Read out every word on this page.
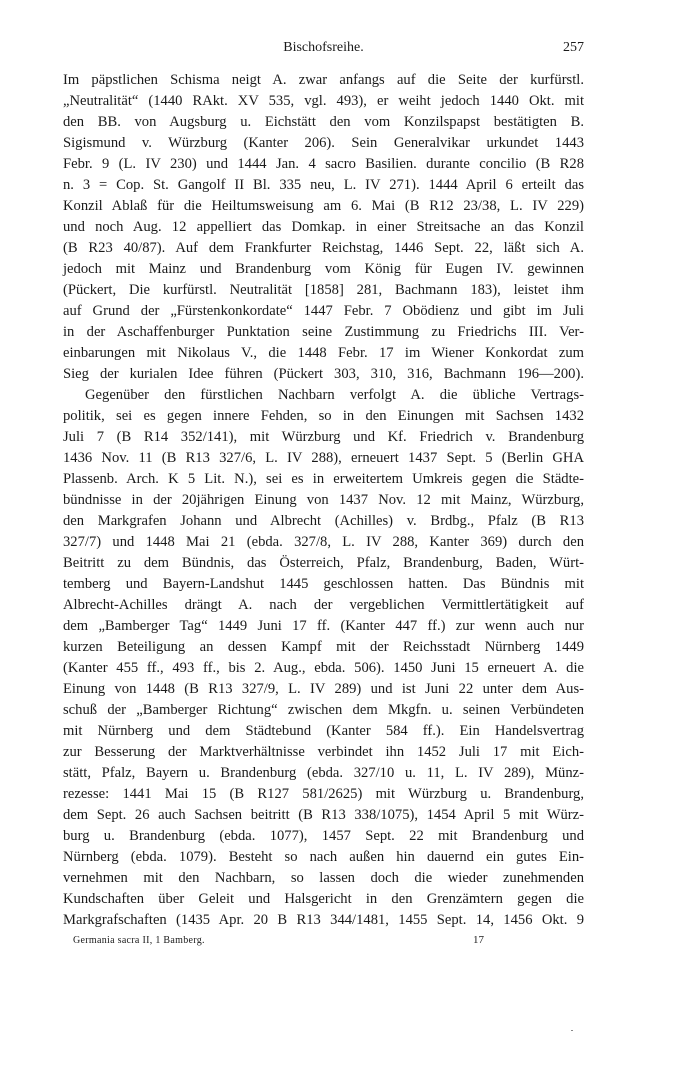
Bischofsreihe.	257
Im päpstlichen Schisma neigt A. zwar anfangs auf die Seite der kurfürstl.
„Neutralität“ (1440 RAkt. XV 535, vgl. 493), er weiht jedoch 1440 Okt. mit
den BB. von Augsburg u. Eichstätt den vom Konzilspapst bestätigten B.
Sigismund v. Würzburg (Kanter 206). Sein Generalvikar urkundet 1443
Febr. 9 (L. IV 230) und 1444 Jan. 4 sacro Basilien. durante concilio (B R28
n. 3 = Cop. St. Gangolf II Bl. 335 neu, L. IV 271). 1444 April 6 erteilt das
Konzil Ablaß für die Heiltumsweisung am 6. Mai (B R12 23/38, L. IV 229)
und noch Aug. 12 appelliert das Domkap. in einer Streitsache an das Konzil
(B R23 40/87). Auf dem Frankfurter Reichstag, 1446 Sept. 22, läßt sich A.
jedoch mit Mainz und Brandenburg vom König für Eugen IV. gewinnen
(Pückert, Die kurfürstl. Neutralität [1858] 281, Bachmann 183), leistet ihm
auf Grund der „Fürstenkonkordate“ 1447 Febr. 7 Obödienz und gibt im Juli
in der Aschaffenburger Punktation seine Zustimmung zu Friedrichs III. Ver-
einbarungen mit Nikolaus V., die 1448 Febr. 17 im Wiener Konkordat zum
Sieg der kurialen Idee führen (Pückert 303, 310, 316, Bachmann 196—200).
Gegenüber den fürstlichen Nachbarn verfolgt A. die übliche Vertrags-
politik, sei es gegen innere Fehden, so in den Einungen mit Sachsen 1432
Juli 7 (B R14 352/141), mit Würzburg und Kf. Friedrich v. Brandenburg
1436 Nov. 11 (B R13 327/6, L. IV 288), erneuert 1437 Sept. 5 (Berlin GHA
Plassenb. Arch. K 5 Lit. N.), sei es in erweitertem Umkreis gegen die Städte-
bündnisse in der 20jährigen Einung von 1437 Nov. 12 mit Mainz, Würzburg,
den Markgrafen Johann und Albrecht (Achilles) v. Brdbg., Pfalz (B R13
327/7) und 1448 Mai 21 (ebda. 327/8, L. IV 288, Kanter 369) durch den
Beitritt zu dem Bündnis, das Österreich, Pfalz, Brandenburg, Baden, Würt-
temberg und Bayern-Landshut 1445 geschlossen hatten. Das Bündnis mit
Albrecht-Achilles drängt A. nach der vergeblichen Vermittlertätigkeit auf
dem „Bamberger Tag“ 1449 Juni 17 ff. (Kanter 447 ff.) zur wenn auch nur
kurzen Beteiligung an dessen Kampf mit der Reichsstadt Nürnberg 1449
(Kanter 455 ff., 493 ff., bis 2. Aug., ebda. 506). 1450 Juni 15 erneuert A. die
Einung von 1448 (B R13 327/9, L. IV 289) und ist Juni 22 unter dem Aus-
schuß der „Bamberger Richtung“ zwischen dem Mkgfn. u. seinen Verbündeten
mit Nürnberg und dem Städtebund (Kanter 584 ff.). Ein Handelsvertrag
zur Besserung der Marktverhältnisse verbindet ihn 1452 Juli 17 mit Eich-
stätt, Pfalz, Bayern u. Brandenburg (ebda. 327/10 u. 11, L. IV 289), Münz-
rezesse: 1441 Mai 15 (B R127 581/2625) mit Würzburg u. Brandenburg,
dem Sept. 26 auch Sachsen beitritt (B R13 338/1075), 1454 April 5 mit Würz-
burg u. Brandenburg (ebda. 1077), 1457 Sept. 22 mit Brandenburg und
Nürnberg (ebda. 1079). Besteht so nach außen hin dauernd ein gutes Ein-
vernehmen mit den Nachbarn, so lassen doch die wieder zunehmenden
Kundschaften über Geleit und Halsgericht in den Grenzämtern gegen die
Markgrafschaften (1435 Apr. 20 B R13 344/1481, 1455 Sept. 14, 1456 Okt. 9
Germania sacra II, 1 Bamberg.	17
